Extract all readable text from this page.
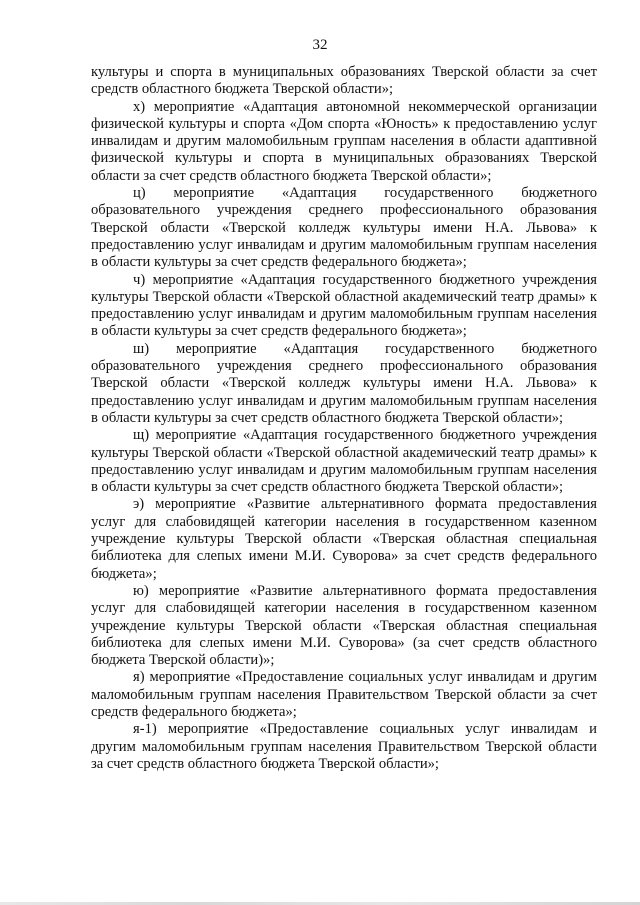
32

культуры и спорта в муниципальных образованиях Тверской области за счет средств областного бюджета Тверской области»;

х) мероприятие «Адаптация автономной некоммерческой организации физической культуры и спорта «Дом спорта «Юность» к предоставлению услуг инвалидам и другим маломобильным группам населения в области адаптивной физической культуры и спорта в муниципальных образованиях Тверской области за счет средств областного бюджета Тверской области»;

ц) мероприятие «Адаптация государственного бюджетного образовательного учреждения среднего профессионального образования Тверской области «Тверской колледж культуры имени Н.А. Львова» к предоставлению услуг инвалидам и другим маломобильным группам населения в области культуры за счет средств федерального бюджета»;

ч) мероприятие «Адаптация государственного бюджетного учреждения культуры Тверской области «Тверской областной академический театр драмы» к предоставлению услуг инвалидам и другим маломобильным группам населения в области культуры за счет средств федерального бюджета»;

ш) мероприятие «Адаптация государственного бюджетного образовательного учреждения среднего профессионального образования Тверской области «Тверской колледж культуры имени Н.А. Львова» к предоставлению услуг инвалидам и другим маломобильным группам населения в области культуры за счет средств областного бюджета Тверской области»;

щ) мероприятие «Адаптация государственного бюджетного учреждения культуры Тверской области «Тверской областной академический театр драмы» к предоставлению услуг инвалидам и другим маломобильным группам населения в области культуры за счет средств областного бюджета Тверской области»;

э) мероприятие «Развитие альтернативного формата предоставления услуг для слабовидящей категории населения в государственном казенном учреждение культуры Тверской области «Тверская областная специальная библиотека для слепых имени М.И. Суворова» за счет средств федерального бюджета»;

ю) мероприятие «Развитие альтернативного формата предоставления услуг для слабовидящей категории населения в государственном казенном учреждение культуры Тверской области «Тверская областная специальная библиотека для слепых имени М.И. Суворова» (за счет средств областного бюджета Тверской области)»;

я) мероприятие «Предоставление социальных услуг инвалидам и другим маломобильным группам населения Правительством Тверской области за счет средств федерального бюджета»;

я-1) мероприятие «Предоставление социальных услуг инвалидам и другим маломобильным группам населения Правительством Тверской области за счет средств областного бюджета Тверской области»;
